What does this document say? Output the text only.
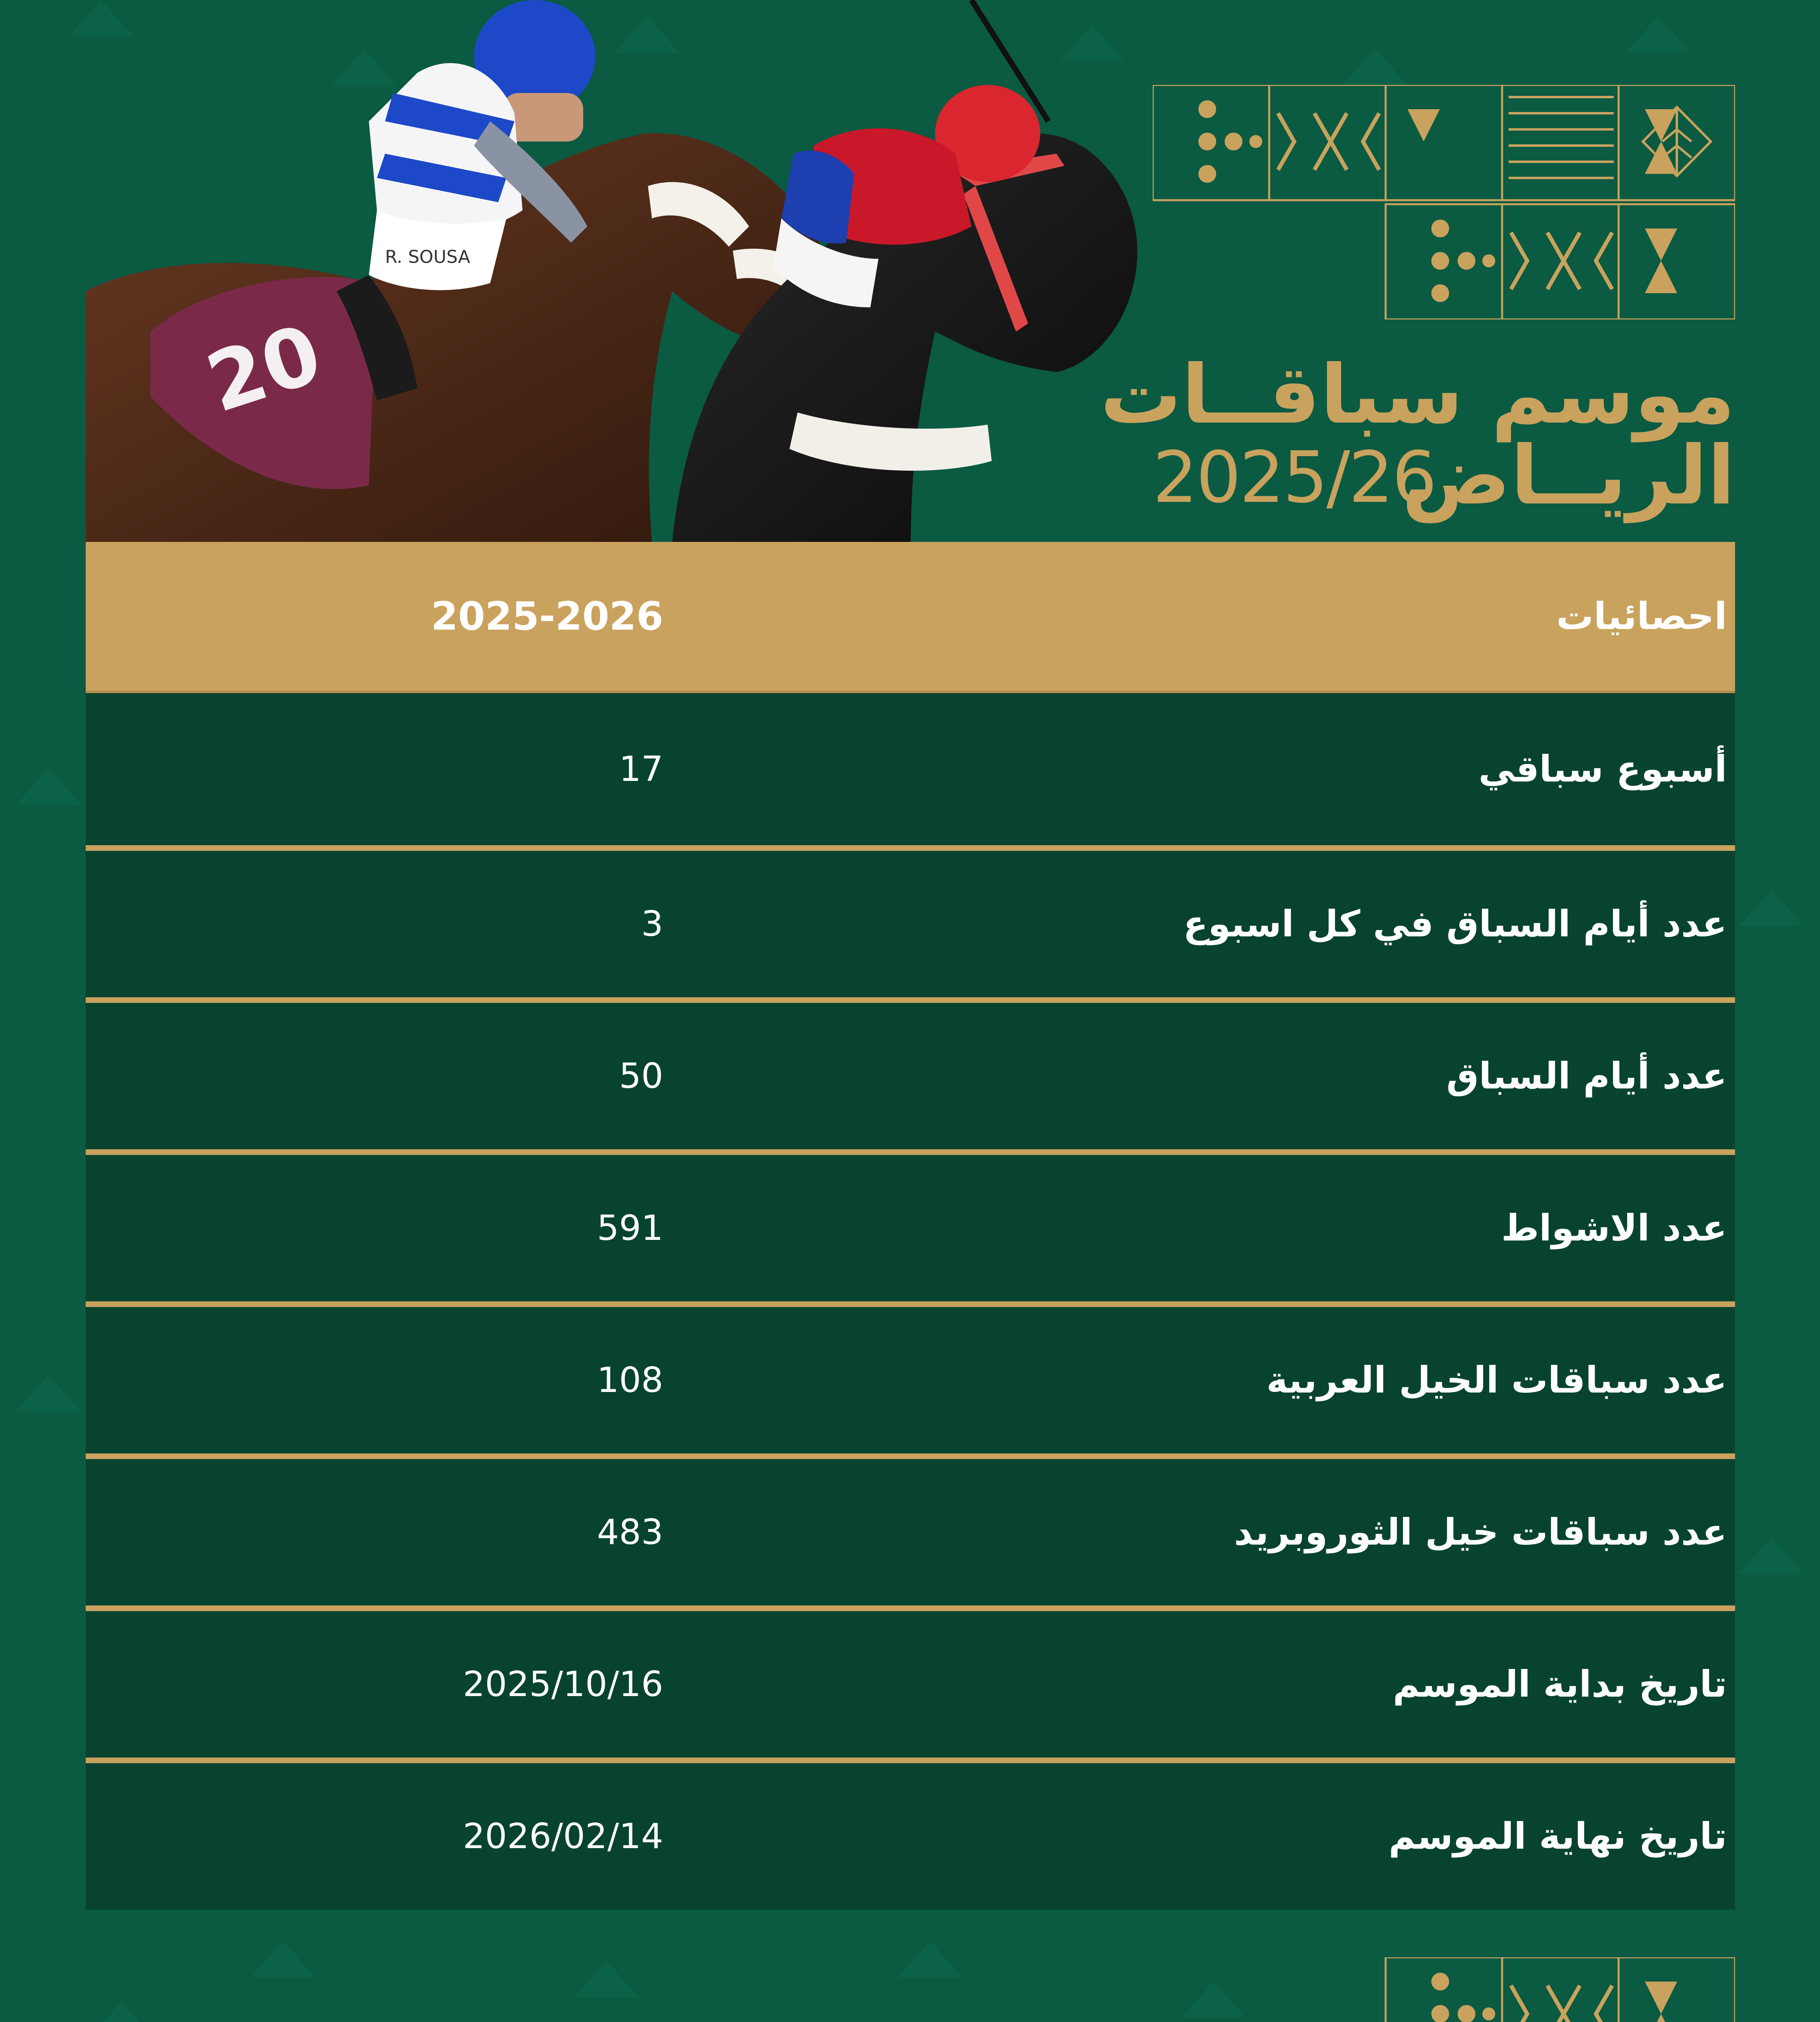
20
R. SOUSA
موسم سباقــات
الريــاض
2025/26
احصائيات
2025-2026
أسبوع سباقي
17
عدد أيام السباق في كل اسبوع
3
عدد أيام السباق
50
عدد الاشواط
591
عدد سباقات الخيل العربية
108
عدد سباقات خيل الثوروبريد
483
تاريخ بداية الموسم
2025/10/16
تاريخ نهاية الموسم
2026/02/14
